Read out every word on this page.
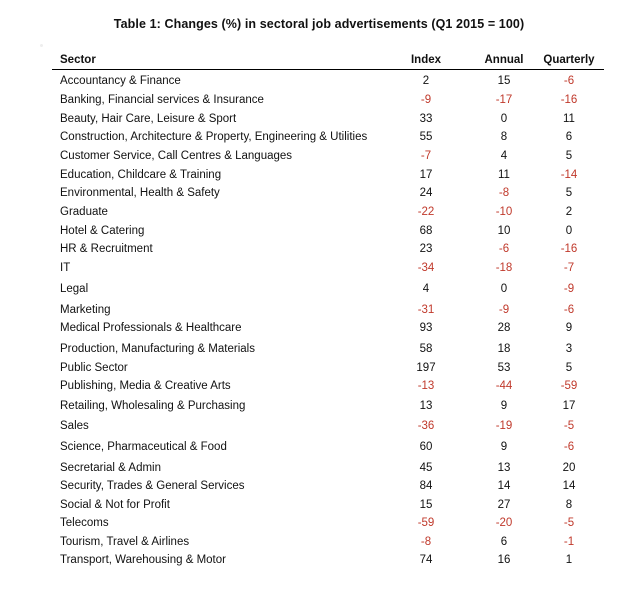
Table 1: Changes (%) in sectoral job advertisements (Q1 2015 = 100)
Sector	Index	Annual	Quarterly
Accountancy & Finance	2	15	-6
Banking, Financial services & Insurance	-9	-17	-16
Beauty, Hair Care, Leisure & Sport	33	0	11
Construction, Architecture & Property, Engineering & Utilities	55	8	6
Customer Service, Call Centres & Languages	-7	4	5
Education, Childcare & Training	17	11	-14
Environmental, Health & Safety	24	-8	5
Graduate	-22	-10	2
Hotel & Catering	68	10	0
HR & Recruitment	23	-6	-16
IT	-34	-18	-7
Legal	4	0	-9
Marketing	-31	-9	-6
Medical Professionals & Healthcare	93	28	9
Production, Manufacturing & Materials	58	18	3
Public Sector	197	53	5
Publishing, Media & Creative Arts	-13	-44	-59
Retailing, Wholesaling & Purchasing	13	9	17
Sales	-36	-19	-5
Science, Pharmaceutical & Food	60	9	-6
Secretarial & Admin	45	13	20
Security, Trades & General Services	84	14	14
Social & Not for Profit	15	27	8
Telecoms	-59	-20	-5
Tourism, Travel & Airlines	-8	6	-1
Transport, Warehousing & Motor	74	16	1
